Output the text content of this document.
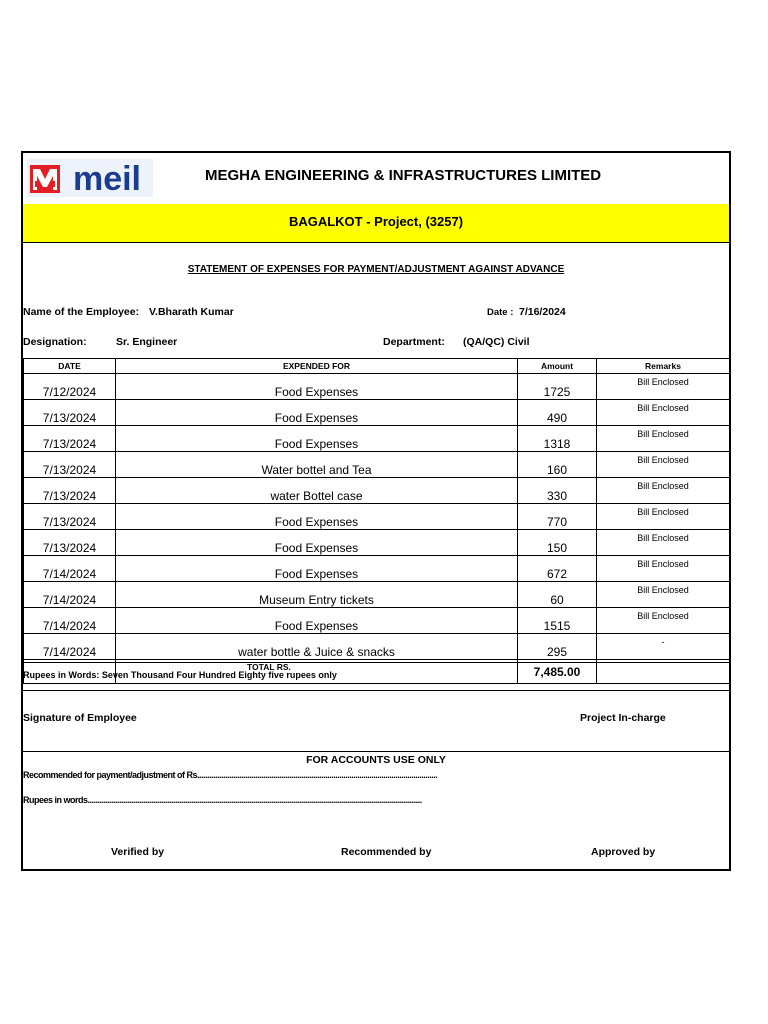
meil	MEGHA ENGINEERING & INFRASTRUCTURES LIMITED
BAGALKOT - Project, (3257)
STATEMENT OF EXPENSES FOR PAYMENT/ADJUSTMENT AGAINST ADVANCE
Name of the Employee: V.Bharath Kumar	Date : 7/16/2024
Designation:	Sr. Engineer	Department: (QA/QC) Civil
DATE	EXPENDED FOR	Amount	Remarks
7/12/2024	Food Expenses	1725	Bill Enclosed
7/13/2024	Food Expenses	490	Bill Enclosed
7/13/2024	Food Expenses	1318	Bill Enclosed
7/13/2024	Water bottel and Tea	160	Bill Enclosed
7/13/2024	water Bottel case	330	Bill Enclosed
7/13/2024	Food Expenses	770	Bill Enclosed
7/13/2024	Food Expenses	150	Bill Enclosed
7/14/2024	Food Expenses	672	Bill Enclosed
7/14/2024	Museum Entry tickets	60	Bill Enclosed
7/14/2024	Food Expenses	1515	Bill Enclosed
7/14/2024	water bottle & Juice & snacks	295	-
	TOTAL RS.	7,485.00	
Rupees in Words: Seven Thousand Four Hundred Eighty five rupees only
Signature of Employee	Project In-charge
FOR ACCOUNTS USE ONLY
Recommended for payment/adjustment of Rs........................................................................................................................
Rupees in words.......................................................................................................................................................................
Verified by	Recommended by	Approved by
